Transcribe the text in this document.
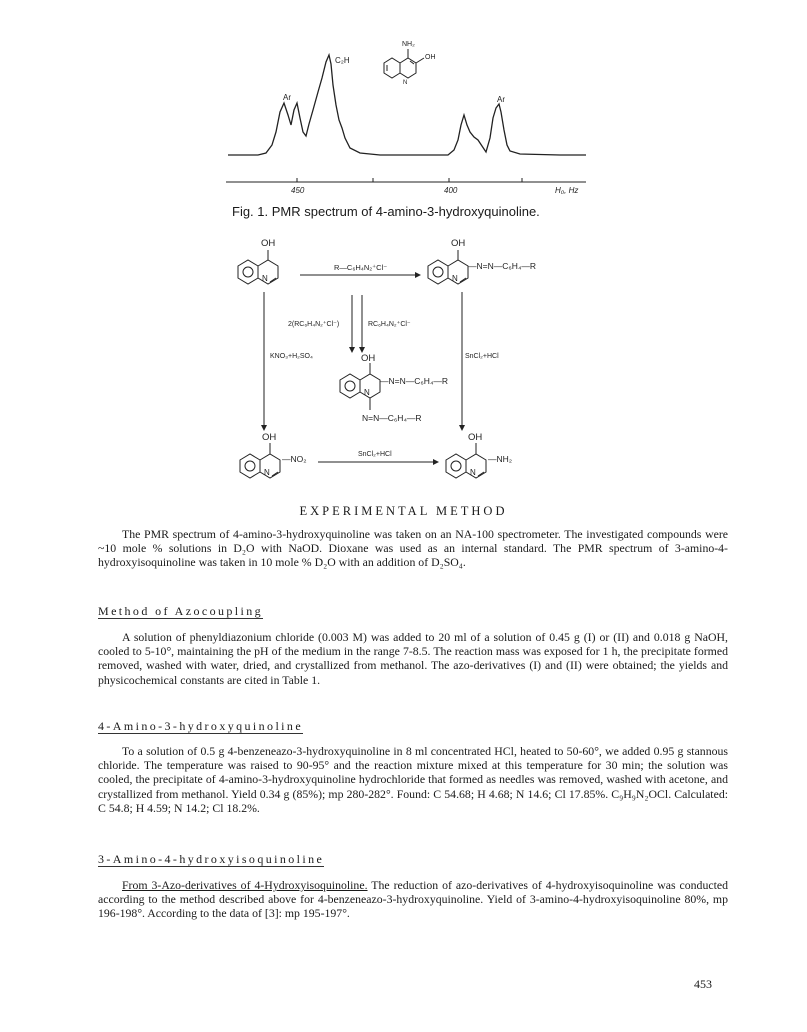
C₂H
Ar	Ar
NH₂
OH
N
450	400	H₀, Hz
Fig. 1. PMR spectrum of 4-amino-3-hydroxyquinoline.
OH
N
R—C₆H₄N₂⁺Cl⁻
OH
—N=N—C₆H₄—R
N
2(RC₆H₄N₂⁺Cl⁻)	RC₆H₄N₂⁺Cl⁻
KNO₃+H₂SO₄	SnCl₂+HCl
OH
—N=N—C₆H₄—R
N
N=N—C₆H₄—R
OH
—NO₂
N
SnCl₂+HCl
OH
—NH₂
N
EXPERIMENTAL METHOD

The PMR spectrum of 4-amino-3-hydroxyquinoline was taken on an NA-100 spectrometer. The investigated compounds were ~10 mole % solutions in D₂O with NaOD. Dioxane was used as an internal standard. The PMR spectrum of 3-amino-4-hydroxyisoquinoline was taken in 10 mole % D₂O with an addition of D₂SO₄.

Method of Azocoupling

A solution of phenyldiazonium chloride (0.003 M) was added to 20 ml of a solution of 0.45 g (I) or (II) and 0.018 g NaOH, cooled to 5-10°, maintaining the pH of the medium in the range 7-8.5. The reaction mass was exposed for 1 h, the precipitate formed removed, washed with water, dried, and crystallized from methanol. The azo-derivatives (I) and (II) were obtained; the yields and physicochemical constants are cited in Table 1.

4-Amino-3-hydroxyquinoline

To a solution of 0.5 g 4-benzeneazo-3-hydroxyquinoline in 8 ml concentrated HCl, heated to 50-60°, we added 0.95 g stannous chloride. The temperature was raised to 90-95° and the reaction mixture mixed at this temperature for 30 min; the solution was cooled, the precipitate of 4-amino-3-hydroxyquinoline hydrochloride that formed as needles was removed, washed with acetone, and crystallized from methanol. Yield 0.34 g (85%); mp 280-282°. Found: C 54.68; H 4.68; N 14.6; Cl 17.85%. C₉H₉N₂OCl. Calculated: C 54.8; H 4.59; N 14.2; Cl 18.2%.

3-Amino-4-hydroxyisoquinoline

From 3-Azo-derivatives of 4-Hydroxyisoquinoline. The reduction of azo-derivatives of 4-hydroxyisoquinoline was conducted according to the method described above for 4-benzeneazo-3-hydroxyquinoline. Yield of 3-amino-4-hydroxyisoquinoline 80%, mp 196-198°. According to the data of [3]: mp 195-197°.

453
